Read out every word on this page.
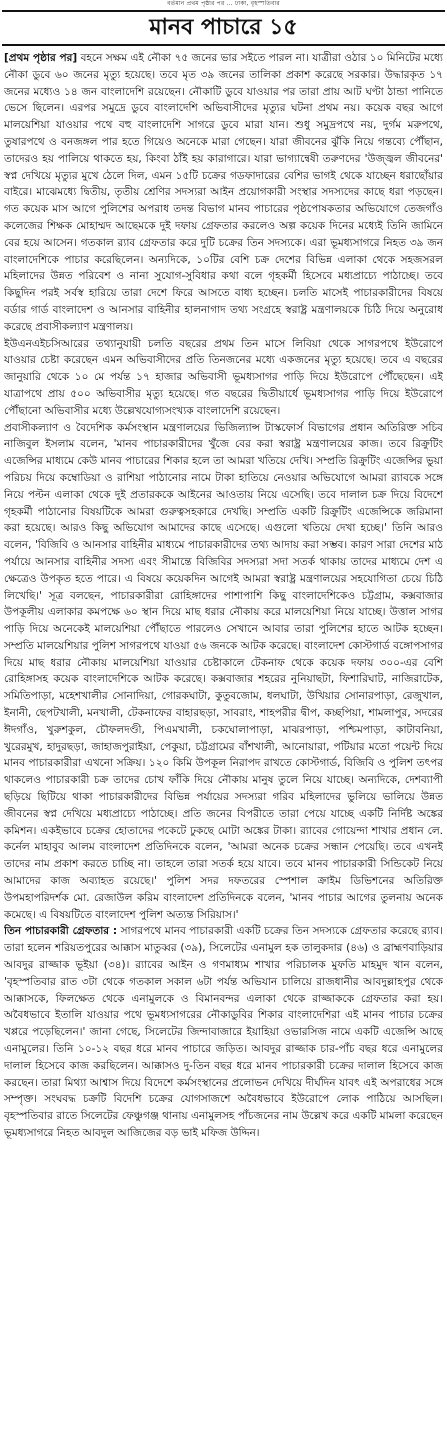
বর্তমান প্রথম পৃষ্ঠার পর ... ঢাকা, বৃহস্পতিবার
মানব পাচারে ১৫

[প্রথম পৃষ্ঠার পর] বহনে সক্ষম এই নৌকা ৭৫ জনের ভার সইতে পারল না। যাত্রীরা ওঠার ১০ মিনিটের মধ্যে নৌকা ডুবে ৬০ জনের মৃত্যু হয়েছে। তবে মৃত ৩৯ জনের তালিকা প্রকাশ করেছে সরকার। উদ্ধারকৃত ১৭ জনের মধ্যেও ১৪ জন বাংলাদেশি রয়েছেন। নৌকাটি ডুবে যাওয়ার পর তারা প্রায় আট ঘণ্টা ঠান্ডা পানিতে ভেসে ছিলেন। এরপর সমুদ্রে ডুবে বাংলাদেশি অভিবাসীদের মৃত্যুর ঘটনা প্রথম নয়। কয়েক বছর আগে মালয়েশিয়া যাওয়ার পথে বহু বাংলাদেশি সাগরে ডুবে মারা যান। শুধু সমুদ্রপথে নয়, দুর্গম মরুপথে, তুষারপথে ও বনজঙ্গল পার হতে গিয়েও অনেকে মারা গেছেন। যারা জীবনের ঝুঁকি নিয়ে গন্তব্যে পৌঁছান, তাদেরও হয় পালিয়ে থাকতে হয়, কিংবা ঠাঁই হয় কারাগারে। যারা ভাগ্যান্বেষী তরুণদের 'উজ্জ্বল জীবনের' স্বপ্ন দেখিয়ে মৃত্যুর মুখে ঠেলে দিল, এমন ১৫টি চক্রের গডফাদারের বেশির ভাগই থেকে যাচ্ছেন ধরাছোঁয়ার বাইরে। মাঝেমধ্যে দ্বিতীয়, তৃতীয় শ্রেণির সদস্যরা আইন প্রয়োগকারী সংস্থার সদস্যদের কাছে ধরা পড়ছেন। গত কয়েক মাস আগে পুলিশের অপরাধ তদন্ত বিভাগ মানব পাচারের পৃষ্ঠপোষকতার অভিযোগে তেজগাঁও কলেজের শিক্ষক মোহাম্মদ আছেমকে দুই দফায় গ্রেফতার করলেও অল্প কয়েক দিনের মধ্যেই তিনি জামিনে বের হয়ে আসেন। গতকাল র‌্যাব গ্রেফতার করে দুটি চক্রের তিন সদস্যকে। এরা ভূমধ্যসাগরে নিহত ৩৯ জন বাংলাদেশিকে পাচার করেছিলেন। অন্যদিকে, ১০টির বেশি চক্র দেশের বিভিন্ন এলাকা থেকে সহজসরল মহিলাদের উন্নত পরিবেশ ও নানা সুযোগ-সুবিধার কথা বলে গৃহকর্মী হিসেবে মধ্যপ্রাচ্যে পাঠাচ্ছে। তবে কিছুদিন পরই সর্বস্ব হারিয়ে তারা দেশে ফিরে আসতে বাধ্য হচ্ছেন। চলতি মাসেই পাচারকারীদের বিষয়ে বর্ডার গার্ড বাংলাদেশ ও আনসার বাহিনীর হালনাগাদ তথ্য সংগ্রহে স্বরাষ্ট্র মন্ত্রণালয়কে চিঠি দিয়ে অনুরোধ করেছে প্রবাসীকল্যাণ মন্ত্রণালয়।

ইউএনএইচসিআরের তথ্যানুযায়ী চলতি বছরের প্রথম তিন মাসে লিবিয়া থেকে সাগরপথে ইউরোপে যাওয়ার চেষ্টা করেছেন এমন অভিবাসীদের প্রতি তিনজনের মধ্যে একজনের মৃত্যু হয়েছে। তবে এ বছরের জানুয়ারি থেকে ১০ মে পর্যন্ত ১৭ হাজার অভিবাসী ভূমধ্যসাগর পাড়ি দিয়ে ইউরোপে পৌঁছেছেন। এই যাত্রাপথে প্রায় ৫০০ অভিবাসীর মৃত্যু হয়েছে। গত বছরের দ্বিতীয়ার্ধে ভূমধ্যসাগর পাড়ি দিয়ে ইউরোপে পৌঁছানো অভিবাসীর মধ্যে উল্লেখযোগ্যসংখ্যক বাংলাদেশি রয়েছেন।

প্রবাসীকল্যাণ ও বৈদেশিক কর্মসংস্থান মন্ত্রণালয়ের ভিজিল্যান্স টাস্কফোর্স বিভাগের প্রধান অতিরিক্ত সচিব নাজিবুল ইসলাম বলেন, 'মানব পাচারকারীদের খুঁজে বের করা স্বরাষ্ট্র মন্ত্রণালয়ের কাজ। তবে রিক্রুটিং এজেন্সির মাধ্যমে কেউ মানব পাচারের শিকার হলে তা আমরা খতিয়ে দেখি। সম্প্রতি রিক্রুটিং এজেন্সির ভুয়া পরিচয় দিয়ে কম্বোডিয়া ও রাশিয়া পাঠানোর নামে টাকা হাতিয়ে নেওয়ার অভিযোগে আমরা র‌্যাবকে সঙ্গে নিয়ে পল্টন এলাকা থেকে দুই প্রতারককে আইনের আওতায় নিয়ে এসেছি। তবে দালাল চক্র দিয়ে বিদেশে গৃহকর্মী পাঠানোর বিষয়টিকে আমরা গুরুত্বসহকারে দেখছি। সম্প্রতি একটি রিক্রুটিং এজেন্সিকে জরিমানা করা হয়েছে। আরও কিছু অভিযোগ আমাদের কাছে এসেছে। এগুলো খতিয়ে দেখা হচ্ছে।' তিনি আরও বলেন, 'বিজিবি ও আনসার বাহিনীর মাধ্যমে পাচারকারীদের তথ্য আদায় করা সম্ভব। কারণ সারা দেশের মাঠ পর্যায়ে আনসার বাহিনীর সদস্য এবং সীমান্তে বিজিবির সদস্যরা সদা সতর্ক থাকায় তাদের মাধ্যমে দেশ এ ক্ষেত্রেও উপকৃত হতে পারে। এ বিষয়ে কয়েকদিন আগেই আমরা স্বরাষ্ট্র মন্ত্রণালয়ের সহযোগিতা চেয়ে চিঠি লিখেছি।' সূত্র বলছেন, পাচারকারীরা রোহিঙ্গাদের পাশাপাশি কিছু বাংলাদেশিকেও চট্টগ্রাম, কক্সবাজার উপকূলীয় এলাকার কমপক্ষে ৬০ স্থান দিয়ে মাছ ধরার নৌকায় করে মালয়েশিয়া নিয়ে যাচ্ছে। উত্তাল সাগর পাড়ি দিয়ে অনেকেই মালয়েশিয়া পৌঁছাতে পারলেও সেখানে আবার তারা পুলিশের হাতে আটক হচ্ছেন। সম্প্রতি মালয়েশিয়ার পুলিশ সাগরপথে যাওয়া ৫৬ জনকে আটক করেছে। বাংলাদেশ কোস্টগার্ড বঙ্গোপসাগর দিয়ে মাছ ধরার নৌকায় মালয়েশিয়া যাওয়ার চেষ্টাকালে টেকনাফ থেকে কয়েক দফায় ৩০০-এর বেশি রোহিঙ্গাসহ কয়েক বাংলাদেশিকে আটক করেছে। কক্সবাজার শহরের নুনিয়াছটা, ফিশারিঘাট, নাজিরাটেক, সমিতিপাড়া, মহেশখালীর সোনাদিয়া, গোরকঘাটা, কুতুবজোম, ধলঘাটা, উখিয়ার সোনারপাড়া, রেজুখাল, ইনানী, ছেপটখালী, মনখালী, টেকনাফের বাহারছড়া, সাবরাং, শাহপরীর দ্বীপ, কচ্ছপিয়া, শামলাপুর, সদরের ঈদগাঁও, খুরুশকুল, চৌফলদণ্ডী, পিএমখালী, চকঘোলাপাড়া, মাঝরপাড়া, পশ্চিমপাড়া, কাটাবনিয়া, খুরেরমুখ, হাদুরছড়া, জাহাজপুরাইয়া, পেকুয়া, চট্টগ্রামের বাঁশখালী, আনোয়ারা, পটিয়ার মতো পয়েন্ট দিয়ে মানব পাচারকারীরা এখনো সক্রিয়। ১২০ কিমি উপকূল নিরাপদ রাখতে কোস্টগার্ড, বিজিবি ও পুলিশ তৎপর থাকলেও পাচারকারী চক্র তাদের চোখ ফাঁকি দিয়ে নৌকায় মানুষ তুলে নিয়ে যাচ্ছে। অন্যদিকে, দেশব্যাপী ছড়িয়ে ছিটিয়ে থাকা পাচারকারীদের বিভিন্ন পর্যায়ের সদস্যরা গরিব মহিলাদের ভুলিয়ে ভালিয়ে উন্নত জীবনের স্বপ্ন দেখিয়ে মধ্যপ্রাচ্যে পাঠাচ্ছে। প্রতি জনের বিপরীতে তারা পেয়ে যাচ্ছে একটি নির্দিষ্ট অঙ্কের কমিশন। একইভাবে চক্রের হোতাদের পকেটে ঢুকছে মোটা অঙ্কের টাকা। র‌্যাবের গোয়েন্দা শাখার প্রধান লে. কর্নেল মাহাবুব আলম বাংলাদেশ প্রতিদিনকে বলেন, 'আমরা অনেক চক্রের সন্ধান পেয়েছি। তবে এখনই তাদের নাম প্রকাশ করতে চাচ্ছি না। তাহলে তারা সতর্ক হয়ে যাবে। তবে মানব পাচারকারী সিন্ডিকেট নিয়ে আমাদের কাজ অব্যাহত রয়েছে।' পুলিশ সদর দফতরের স্পেশাল ক্রাইম ডিভিশনের অতিরিক্ত উপমহাপরিদর্শক মো. রেজাউল করিম বাংলাদেশ প্রতিদিনকে বলেন, 'মানব পাচার আগের তুলনায় অনেক কমেছে। এ বিষয়টিতে বাংলাদেশ পুলিশ অত্যন্ত সিরিয়াস।'

তিন পাচারকারী গ্রেফতার : সাগরপথে মানব পাচারকারী একটি চক্রের তিন সদস্যকে গ্রেফতার করেছে র‌্যাব। তারা হলেন শরিয়তপুরের আক্কাস মাতুব্বর (৩৯), সিলেটের এনামুল হক তালুকদার (৪৬) ও ব্রাহ্মণবাড়িয়ার আবদুর রাজ্জাক ভূইয়া (৩৪)। র‌্যাবের আইন ও গণমাধ্যম শাখার পরিচালক মুফতি মাহমুদ খান বলেন, 'বৃহস্পতিবার রাত ৩টা থেকে গতকাল সকাল ৬টা পর্যন্ত অভিযান চালিয়ে রাজধানীর আবদুল্লাহপুর থেকে আক্কাসকে, ফিলক্ষেত থেকে এনামুলকে ও বিমানবন্দর এলাকা থেকে রাজ্জাককে গ্রেফতার করা হয়। অবৈধভাবে ইতালি যাওয়ার পথে ভূমধ্যসাগরের নৌকাডুবির শিকার বাংলাদেশিরা এই মানব পাচার চক্রের খপ্পরে পড়েছিলেন।' জানা গেছে, সিলেটের জিন্দাবাজারে ইয়াহিয়া ওভারসিজ নামে একটি এজেন্সি আছে এনামুলের। তিনি ১০-১২ বছর ধরে মানব পাচারে জড়িত। আবদুর রাজ্জাক চার-পাঁচ বছর ধরে এনামুলের দালাল হিসেবে কাজ করছিলেন। আক্কাসও দু-তিন বছর ধরে মানব পাচারকারী চক্রের দালাল হিসেবে কাজ করছেন। তারা মিথ্যা আশ্বাস দিয়ে বিদেশে কর্মসংস্থানের প্রলোভন দেখিয়ে দীর্ঘদিন যাবৎ এই অপরাধের সঙ্গে সম্পৃক্ত। সংঘবদ্ধ চক্রটি বিদেশি চক্রের যোগসাজশে অবৈধভাবে ইউরোপে লোক পাঠিয়ে আসছিল। বৃহস্পতিবার রাতে সিলেটের ফেঞ্চুগঞ্জ থানায় এনামুলসহ পাঁচজনের নাম উল্লেখ করে একটি মামলা করেছেন ভূমধ্যসাগরে নিহত আবদুল আজিজের বড় ভাই মফিজ উদ্দিন।
